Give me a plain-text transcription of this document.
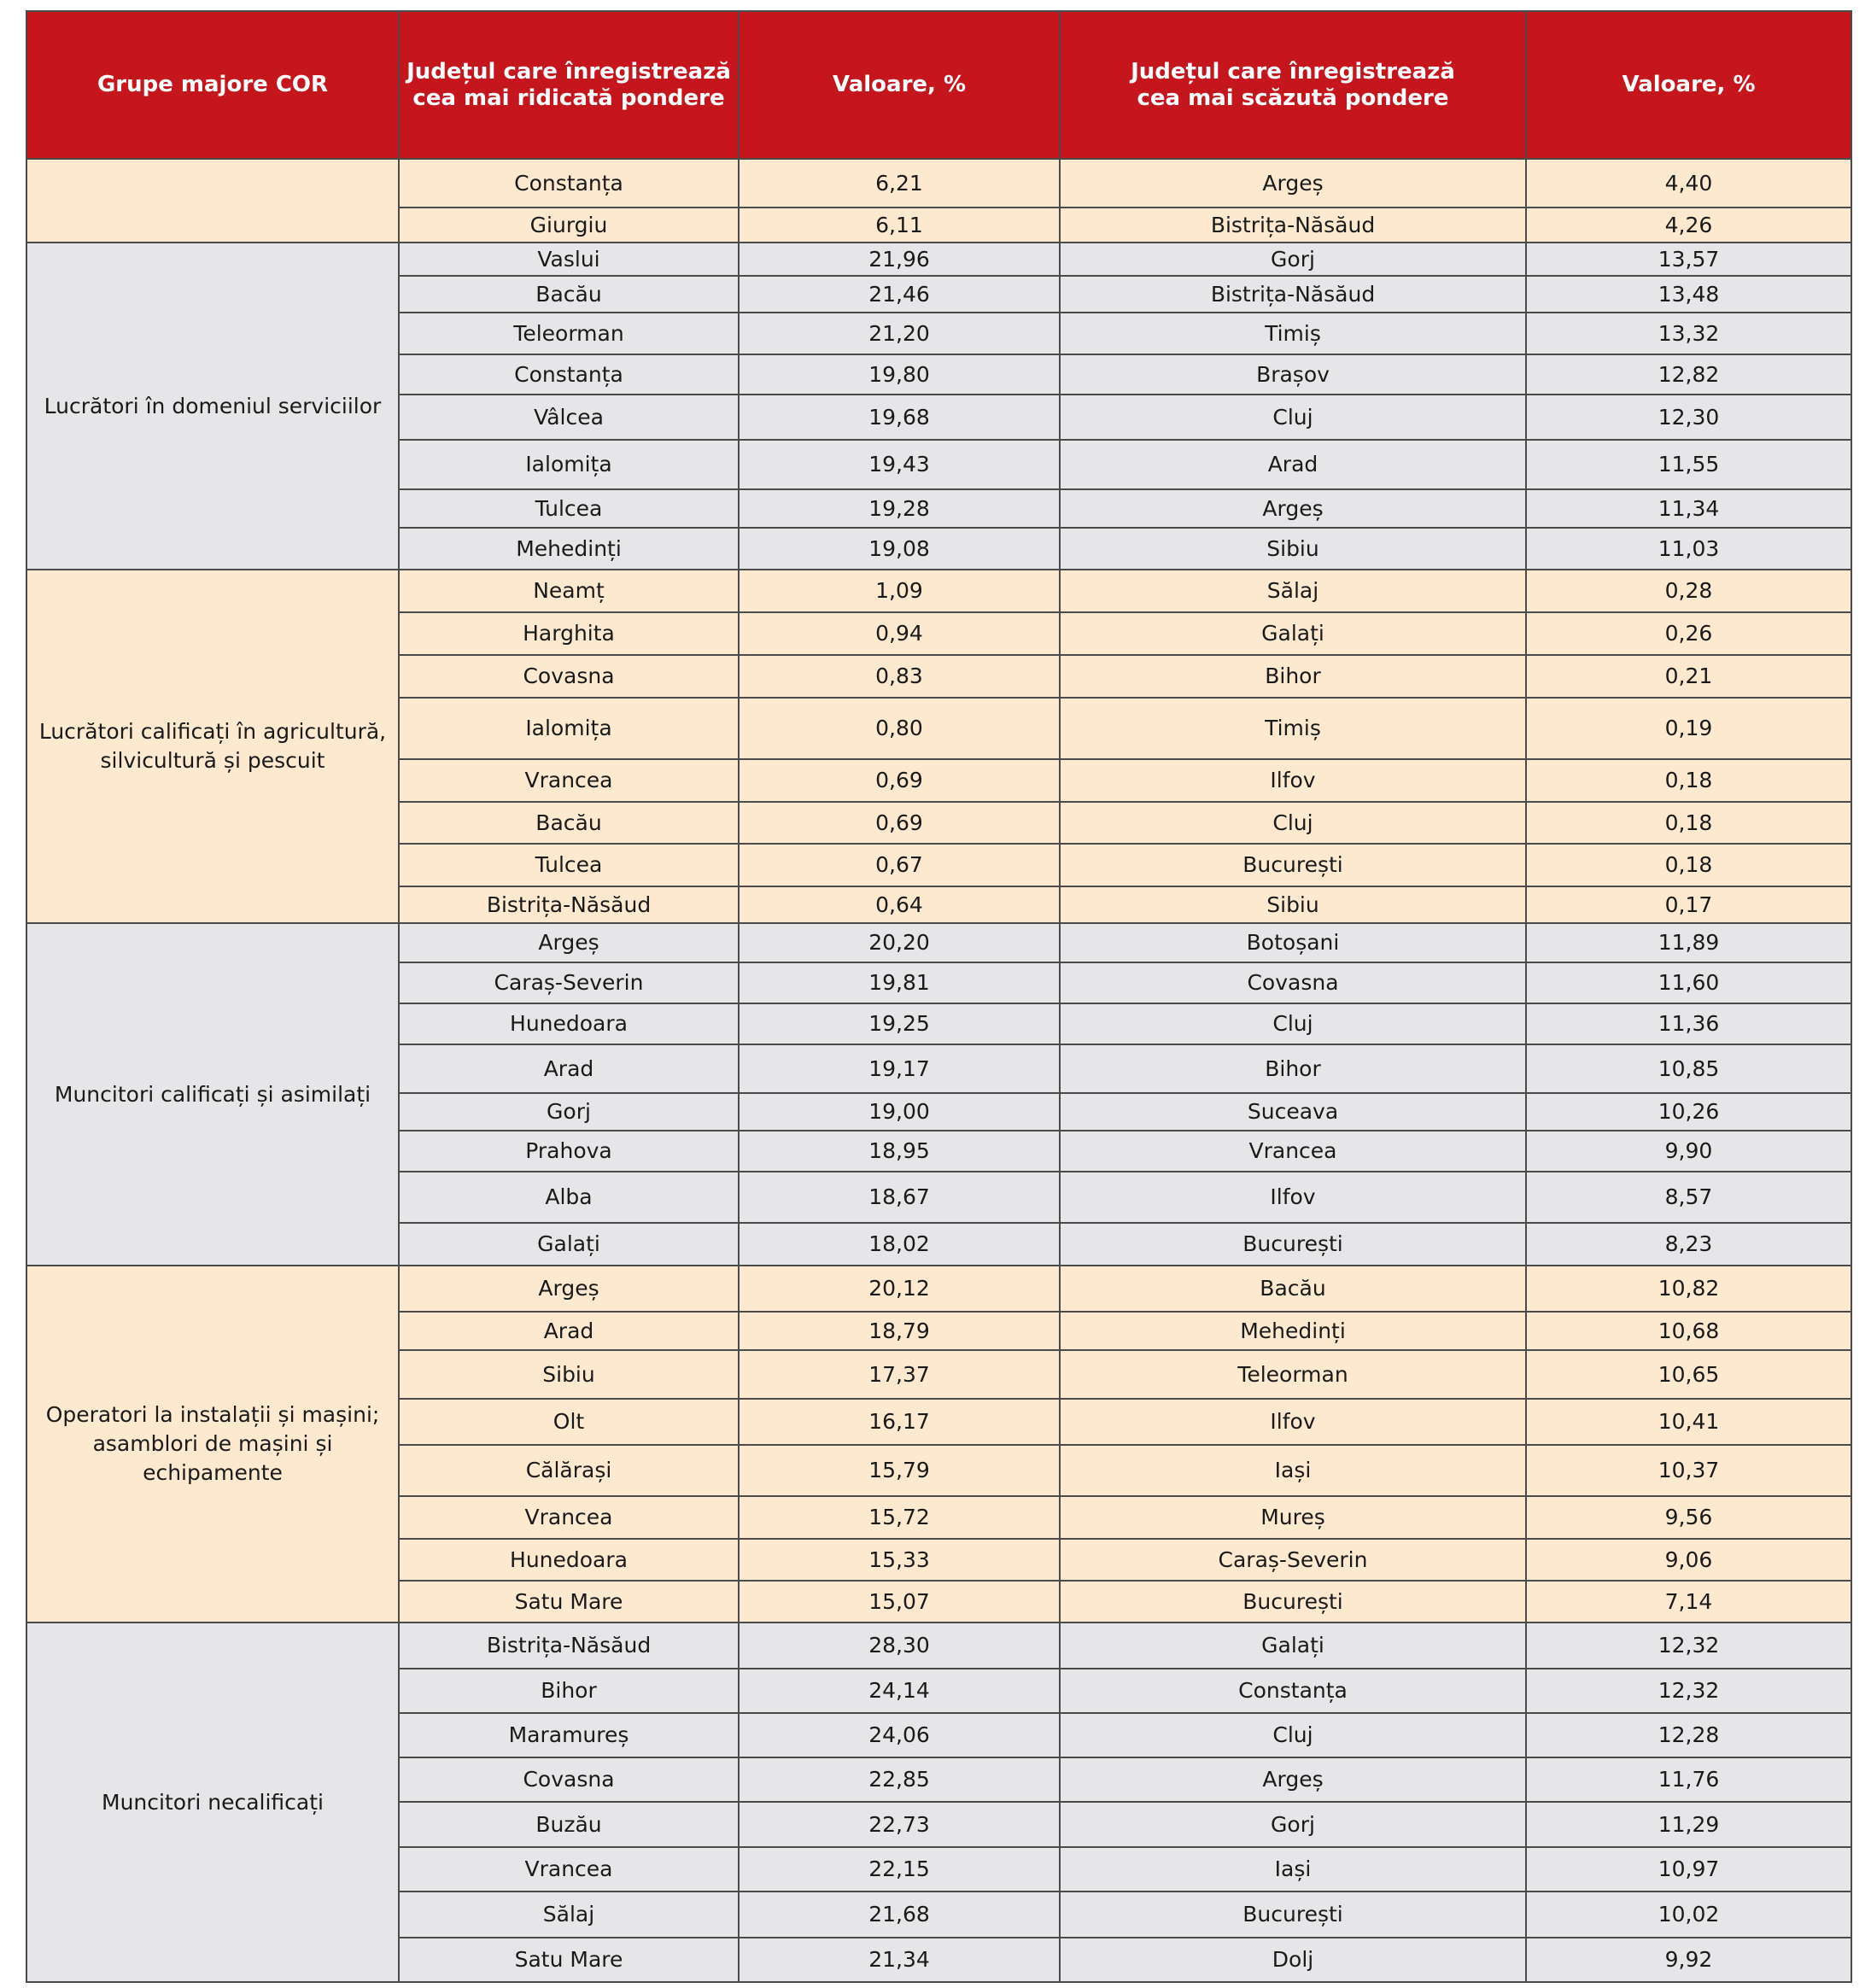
Grupe majore COR	Județul care înregistrează
cea mai ridicată pondere	Valoare, %	Județul care înregistrează
cea mai scăzută pondere	Valoare, %
	Constanța	6,21	Argeș	4,40
	Giurgiu	6,11	Bistrița-Năsăud	4,26
Lucrători în domeniul serviciilor	Vaslui	21,96	Gorj	13,57
	Bacău	21,46	Bistrița-Năsăud	13,48
	Teleorman	21,20	Timiș	13,32
	Constanța	19,80	Brașov	12,82
	Vâlcea	19,68	Cluj	12,30
	Ialomița	19,43	Arad	11,55
	Tulcea	19,28	Argeș	11,34
	Mehedinți	19,08	Sibiu	11,03
Lucrători calificați în agricultură,
silvicultură și pescuit	Neamț	1,09	Sălaj	0,28
	Harghita	0,94	Galați	0,26
	Covasna	0,83	Bihor	0,21
	Ialomița	0,80	Timiș	0,19
	Vrancea	0,69	Ilfov	0,18
	Bacău	0,69	Cluj	0,18
	Tulcea	0,67	București	0,18
	Bistrița-Năsăud	0,64	Sibiu	0,17
Muncitori calificați și asimilați	Argeș	20,20	Botoșani	11,89
	Caraș-Severin	19,81	Covasna	11,60
	Hunedoara	19,25	Cluj	11,36
	Arad	19,17	Bihor	10,85
	Gorj	19,00	Suceava	10,26
	Prahova	18,95	Vrancea	9,90
	Alba	18,67	Ilfov	8,57
	Galați	18,02	București	8,23
Operatori la instalații și mașini;
asamblori de mașini și echipamente	Argeș	20,12	Bacău	10,82
	Arad	18,79	Mehedinți	10,68
	Sibiu	17,37	Teleorman	10,65
	Olt	16,17	Ilfov	10,41
	Călărași	15,79	Iași	10,37
	Vrancea	15,72	Mureș	9,56
	Hunedoara	15,33	Caraș-Severin	9,06
	Satu Mare	15,07	București	7,14
Muncitori necalificați	Bistrița-Năsăud	28,30	Galați	12,32
	Bihor	24,14	Constanța	12,32
	Maramureș	24,06	Cluj	12,28
	Covasna	22,85	Argeș	11,76
	Buzău	22,73	Gorj	11,29
	Vrancea	22,15	Iași	10,97
	Sălaj	21,68	București	10,02
	Satu Mare	21,34	Dolj	9,92
